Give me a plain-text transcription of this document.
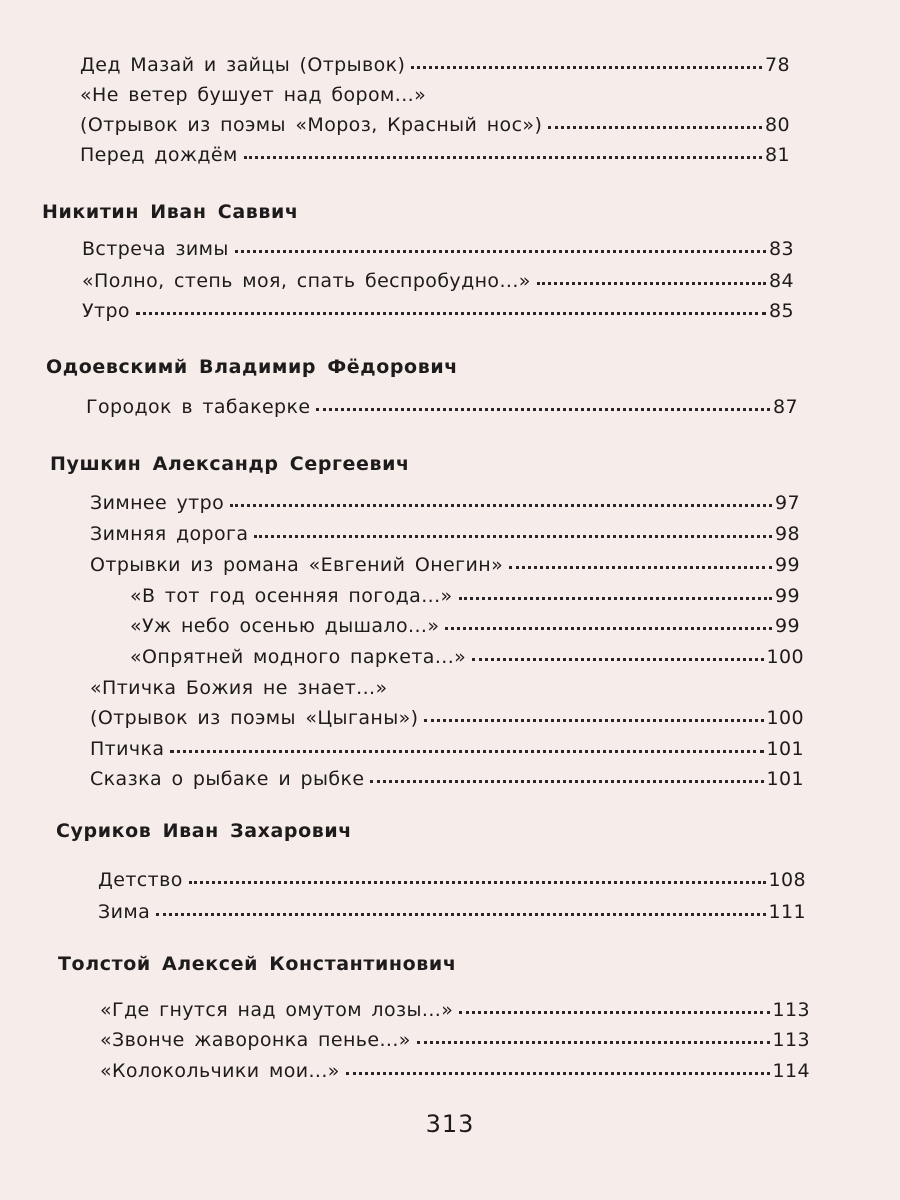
Дед Мазай и зайцы (Отрывок)	78
«Не ветер бушует над бором...»
(Отрывок из поэмы «Мороз, Красный нос»)	80
Перед дождём	81
Никитин Иван Саввич
Встреча зимы	83
«Полно, степь моя, спать беспробудно...»	84
Утро	85
Одоевскимй Владимир Фёдорович
Городок в табакерке	87
Пушкин Александр Сергеевич
Зимнее утро	97
Зимняя дорога	98
Отрывки из романа «Евгений Онегин»	99
«В тот год осенняя погода...»	99
«Уж небо осенью дышало...»	99
«Опрятней модного паркета...»	100
«Птичка Божия не знает...»
(Отрывок из поэмы «Цыганы»)	100
Птичка	101
Сказка о рыбаке и рыбке	101
Суриков Иван Захарович
Детство	108
Зима	111
Толстой Алексей Константинович
«Где гнутся над омутом лозы...»	113
«Звонче жаворонка пенье...»	113
«Колокольчики мои...»	114
313
